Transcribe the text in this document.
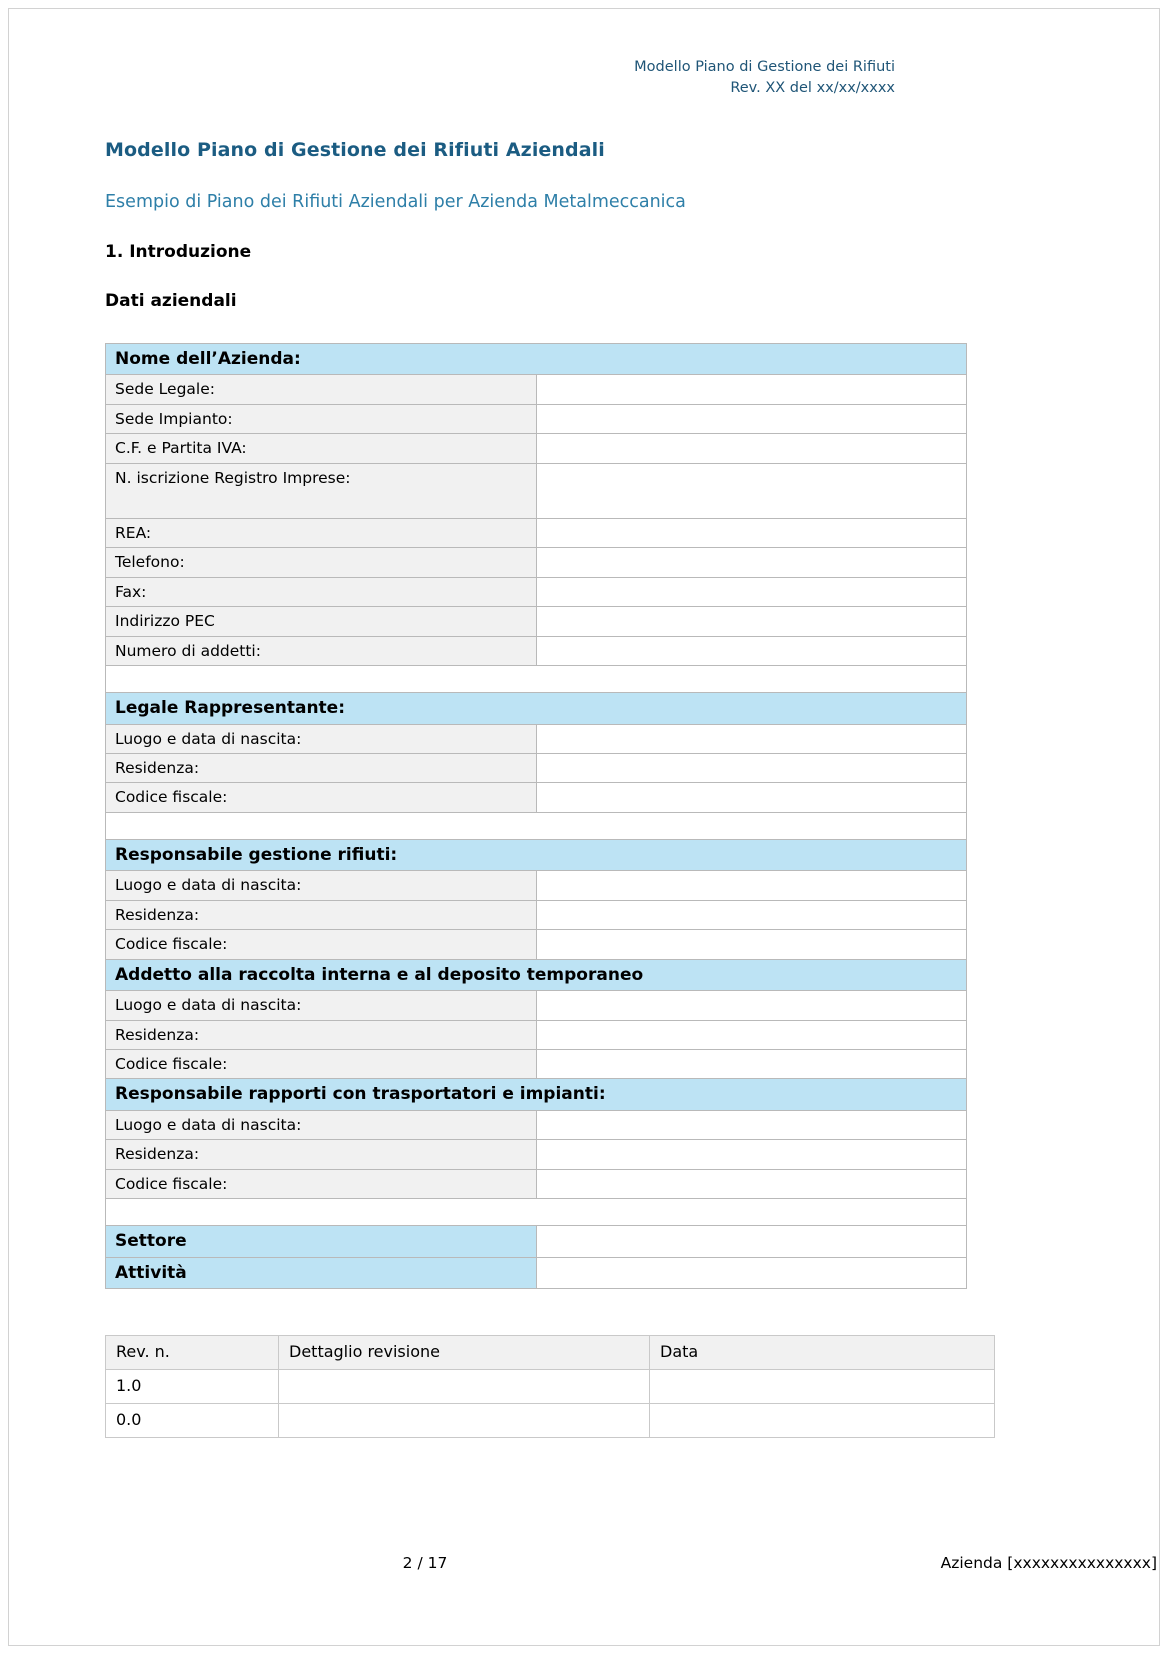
Modello Piano di Gestione dei Rifiuti
Rev. XX del xx/xx/xxxx
Modello Piano di Gestione dei Rifiuti Aziendali
Esempio di Piano dei Rifiuti Aziendali per Azienda Metalmeccanica
1. Introduzione
Dati aziendali
Nome dell’Azienda:	
Sede Legale:	
Sede Impianto:	
C.F. e Partita IVA:	
N. iscrizione Registro Imprese:	
REA:	
Telefono:	
Fax:	
Indirizzo PEC	
Numero di addetti:	

Legale Rappresentante:	
Luogo e data di nascita:	
Residenza:	
Codice fiscale:	

Responsabile gestione rifiuti:	
Luogo e data di nascita:	
Residenza:	
Codice fiscale:	
Addetto alla raccolta interna e al deposito temporaneo	
Luogo e data di nascita:	
Residenza:	
Codice fiscale:	
Responsabile rapporti con trasportatori e impianti:	
Luogo e data di nascita:	
Residenza:	
Codice fiscale:	

Settore	
Attività	
Rev. n.	Dettaglio revisione	Data
1.0		
0.0		
2 / 17	Azienda [xxxxxxxxxxxxxxx]
